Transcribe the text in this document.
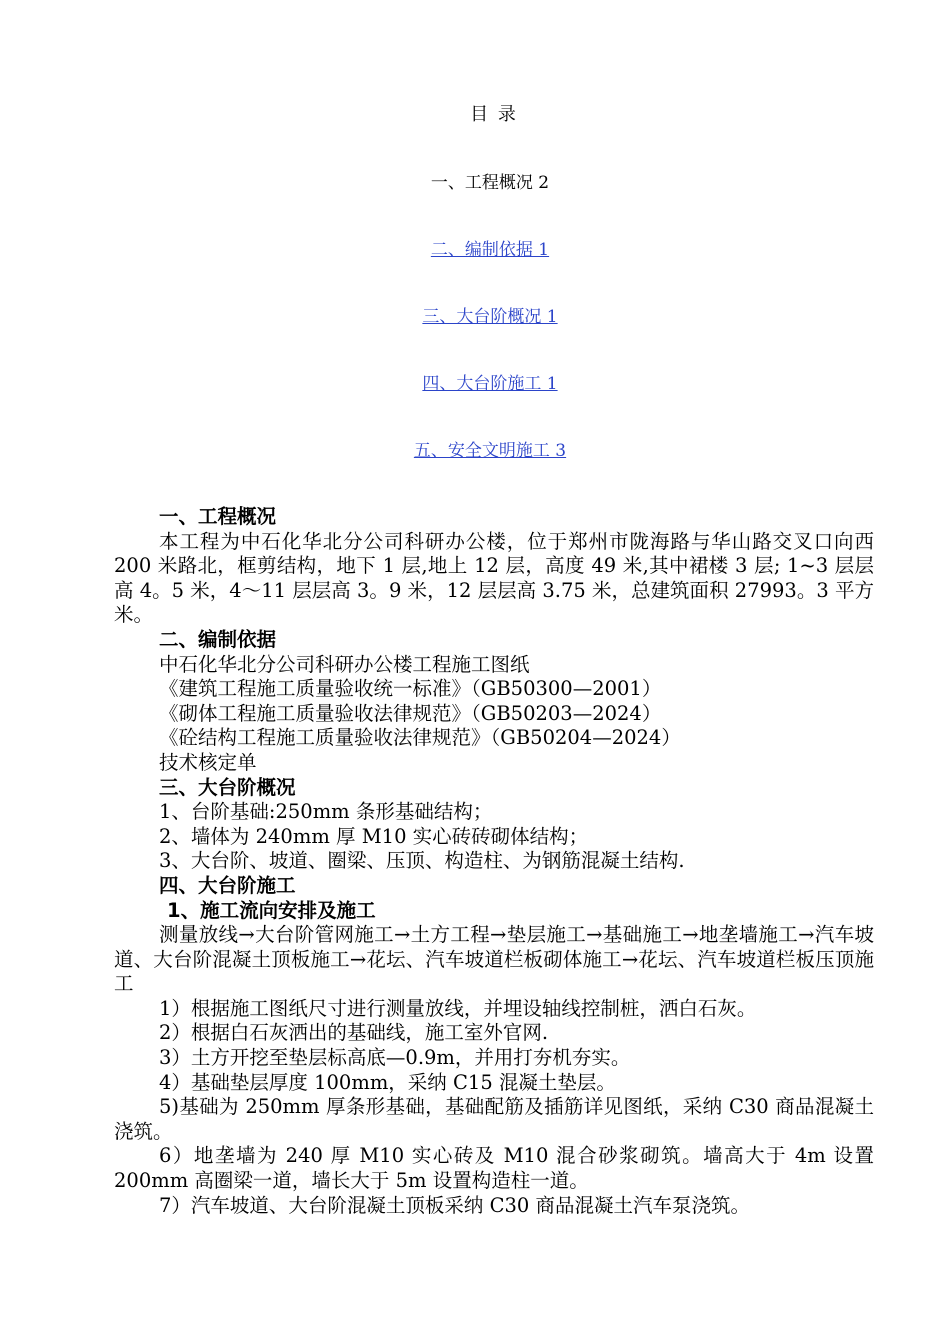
目 录
一、工程概况 2
二、编制依据 1
三、大台阶概况 1
四、大台阶施工 1
五、安全文明施工 3
一、工程概况
本工程为中石化华北分公司科研办公楼，位于郑州市陇海路与华山路交叉口向西 200 米路北，框剪结构，地下 1 层,地上 12 层，高度 49 米,其中裙楼 3 层; 1~3 层层高 4。5 米，4～11 层层高 3。9 米，12 层层高 3.75 米，总建筑面积 27993。3 平方米。
二、编制依据
中石化华北分公司科研办公楼工程施工图纸
《建筑工程施工质量验收统一标准》（GB50300—2001）
《砌体工程施工质量验收法律规范》（GB50203—2024）
《砼结构工程施工质量验收法律规范》（GB50204—2024）
技术核定单
三、大台阶概况
1、台阶基础:250mm 条形基础结构；
2、墙体为 240mm 厚 M10 实心砖砖砌体结构；
3、大台阶、坡道、圈梁、压顶、构造柱、为钢筋混凝土结构.
四、大台阶施工
1、施工流向安排及施工
测量放线→大台阶管网施工→土方工程→垫层施工→基础施工→地垄墙施工→汽车坡道、大台阶混凝土顶板施工→花坛、汽车坡道栏板砌体施工→花坛、汽车坡道栏板压顶施工
1）根据施工图纸尺寸进行测量放线，并埋设轴线控制桩，洒白石灰。
2）根据白石灰洒出的基础线，施工室外官网.
3）土方开挖至垫层标高底—0.9m，并用打夯机夯实。
4）基础垫层厚度 100mm，采纳 C15 混凝土垫层。
5)基础为 250mm 厚条形基础，基础配筋及插筋详见图纸，采纳 C30 商品混凝土浇筑。
6）地垄墙为 240 厚 M10 实心砖及 M10 混合砂浆砌筑。墙高大于 4m 设置 200mm 高圈梁一道，墙长大于 5m 设置构造柱一道。
7）汽车坡道、大台阶混凝土顶板采纳 C30 商品混凝土汽车泵浇筑。
